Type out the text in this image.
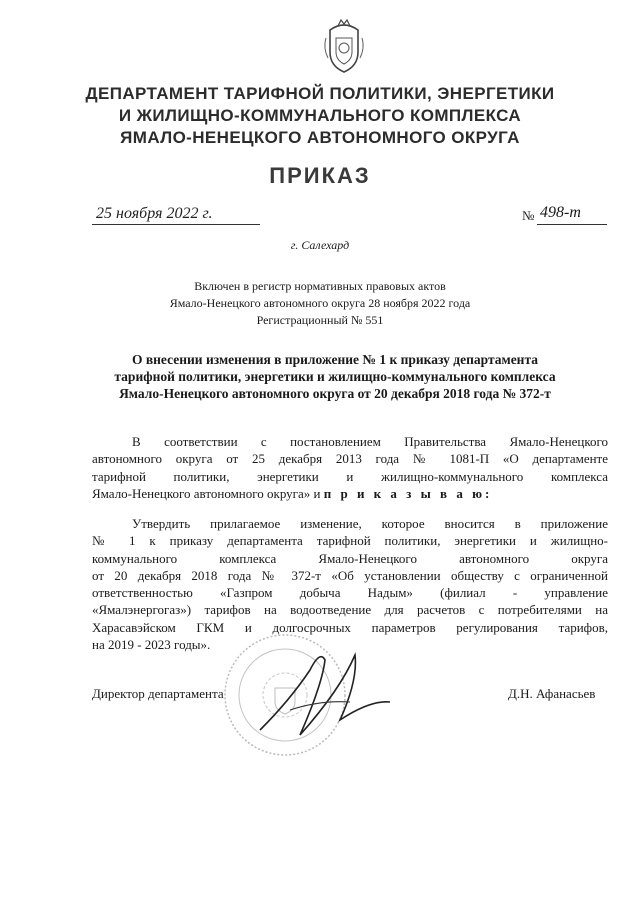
ДЕПАРТАМЕНТ ТАРИФНОЙ ПОЛИТИКИ, ЭНЕРГЕТИКИ
И ЖИЛИЩНО-КОММУНАЛЬНОГО КОМПЛЕКСА
ЯМАЛО-НЕНЕЦКОГО АВТОНОМНОГО ОКРУГА
ПРИКАЗ
25 ноября 2022 г.	№ 498-т
г. Салехард
Включен в регистр нормативных правовых актов
Ямало-Ненецкого автономного округа 28 ноября 2022 года
Регистрационный № 551
О внесении изменения в приложение № 1 к приказу департамента
тарифной политики, энергетики и жилищно-коммунального комплекса
Ямало-Ненецкого автономного округа от 20 декабря 2018 года № 372-т
В соответствии с постановлением Правительства Ямало-Ненецкого
автономного округа от 25 декабря 2013 года № 1081-П «О департаменте
тарифной политики, энергетики и жилищно-коммунального комплекса
Ямало-Ненецкого автономного округа» и п р и к а з ы в а ю:
Утвердить прилагаемое изменение, которое вносится в приложение
№ 1 к приказу департамента тарифной политики, энергетики и жилищно-
коммунального комплекса Ямало-Ненецкого автономного округа
от 20 декабря 2018 года № 372-т «Об установлении обществу с ограниченной
ответственностью «Газпром добыча Надым» (филиал - управление
«Ямалэнергогаз») тарифов на водоотведение для расчетов с потребителями на
Харасавэйском ГКМ и долгосрочных параметров регулирования тарифов,
на 2019 - 2023 годы».
Директор департамента	Д.Н. Афанасьев
